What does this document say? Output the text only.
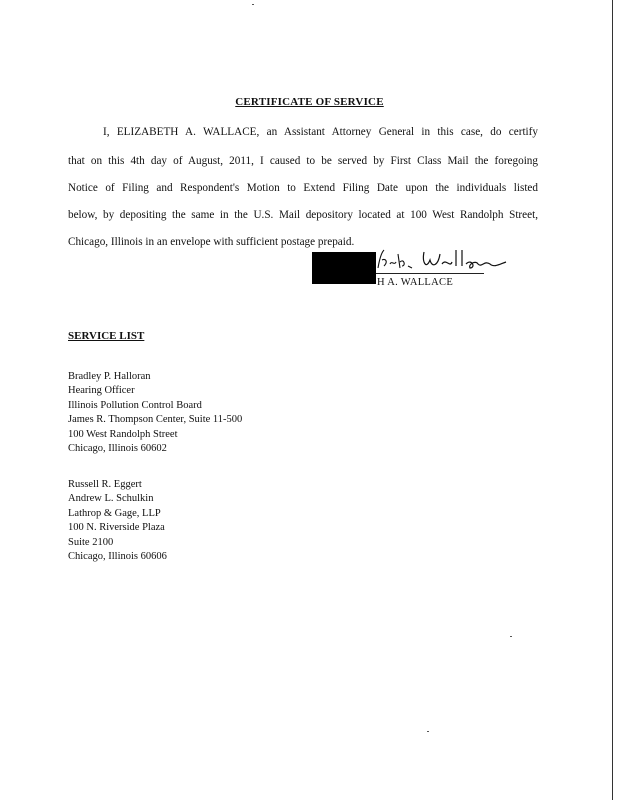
CERTIFICATE OF SERVICE
I, ELIZABETH A. WALLACE, an Assistant Attorney General in this case, do certify
that on this 4th day of August, 2011, I caused to be served by First Class Mail the foregoing
Notice of Filing and Respondent's Motion to Extend Filing Date upon the individuals listed
below, by depositing the same in the U.S. Mail depository located at 100 West Randolph Street,
Chicago, Illinois in an envelope with sufficient postage prepaid.
H A. WALLACE
SERVICE LIST
Bradley P. Halloran
Hearing Officer
Illinois Pollution Control Board
James R. Thompson Center, Suite 11-500
100 West Randolph Street
Chicago, Illinois 60602
Russell R. Eggert
Andrew L. Schulkin
Lathrop & Gage, LLP
100 N. Riverside Plaza
Suite 2100
Chicago, Illinois 60606
